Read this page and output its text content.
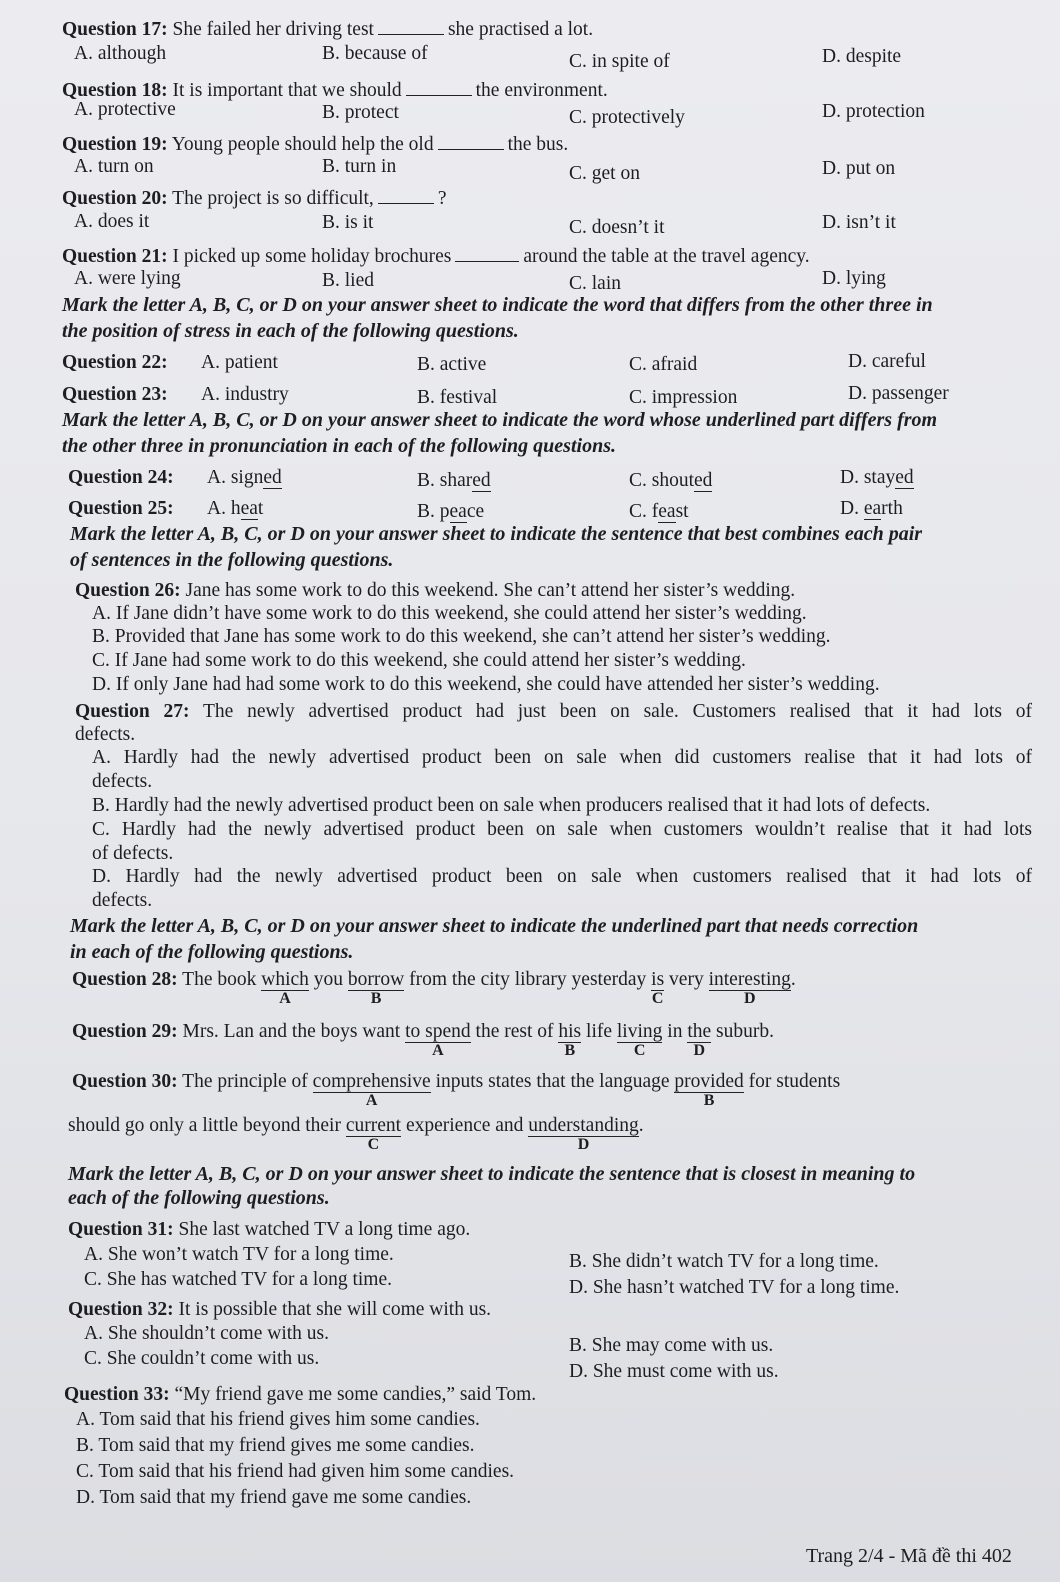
Question 17: She failed her driving test	she practised a lot.
A. although	B. because of	C. in spite of	D. despite
Question 18: It is important that we should	the environment.
A. protective	B. protect	C. protectively	D. protection
Question 19: Young people should help the old	the bus.
A. turn on	B. turn in	C. get on	D. put on
Question 20: The project is so difficult,	?
A. does it	B. is it	C. doesn’t it	D. isn’t it
Question 21: I picked up some holiday brochures	around the table at the travel agency.
A. were lying	B. lied	C. lain	D. lying
Mark the letter A, B, C, or D on your answer sheet to indicate the word that differs from the other three in
the position of stress in each of the following questions.
Question 22: A. patient	B. active	C. afraid	D. careful
Question 23: A. industry	B. festival	C. impression	D. passenger
Mark the letter A, B, C, or D on your answer sheet to indicate the word whose underlined part differs from
the other three in pronunciation in each of the following questions.
Question 24: A. signed	B. shared	C. shouted	D. stayed
Question 25: A. heat	B. peace	C. feast	D. earth
Mark the letter A, B, C, or D on your answer sheet to indicate the sentence that best combines each pair
of sentences in the following questions.
Question 26: Jane has some work to do this weekend. She can’t attend her sister’s wedding.
A. If Jane didn’t have some work to do this weekend, she could attend her sister’s wedding.
B. Provided that Jane has some work to do this weekend, she can’t attend her sister’s wedding.
C. If Jane had some work to do this weekend, she could attend her sister’s wedding.
D. If only Jane had had some work to do this weekend, she could have attended her sister’s wedding.
Question 27: The newly advertised product had just been on sale. Customers realised that it had lots of
defects.
A. Hardly had the newly advertised product been on sale when did customers realise that it had lots of
defects.
B. Hardly had the newly advertised product been on sale when producers realised that it had lots of defects.
C. Hardly had the newly advertised product been on sale when customers wouldn’t realise that it had lots
of defects.
D. Hardly had the newly advertised product been on sale when customers realised that it had lots of
defects.
Mark the letter A, B, C, or D on your answer sheet to indicate the underlined part that needs correction
in each of the following questions.
Question 28: The book which
A
you borrow
B
from the city library yesterday is
C
very interesting
D
.
Question 29: Mrs. Lan and the boys want to spend
A
the rest of his
B
life living
C
in the
D
suburb.
Question 30: The principle of comprehensive
A
inputs states that the language provided
B
for students
should go only a little beyond their current
C
experience and understanding
D
.
Mark the letter A, B, C, or D on your answer sheet to indicate the sentence that is closest in meaning to
each of the following questions.
Question 31: She last watched TV a long time ago.
A. She won’t watch TV for a long time.	B. She didn’t watch TV for a long time.
C. She has watched TV for a long time.	D. She hasn’t watched TV for a long time.
Question 32: It is possible that she will come with us.
A. She shouldn’t come with us.
B. She may come with us.
C. She couldn’t come with us.
D. She must come with us.
Question 33: “My friend gave me some candies,” said Tom.
A. Tom said that his friend gives him some candies.
B. Tom said that my friend gives me some candies.
C. Tom said that his friend had given him some candies.
D. Tom said that my friend gave me some candies.
Trang 2/4 - Mã đề thi 402
